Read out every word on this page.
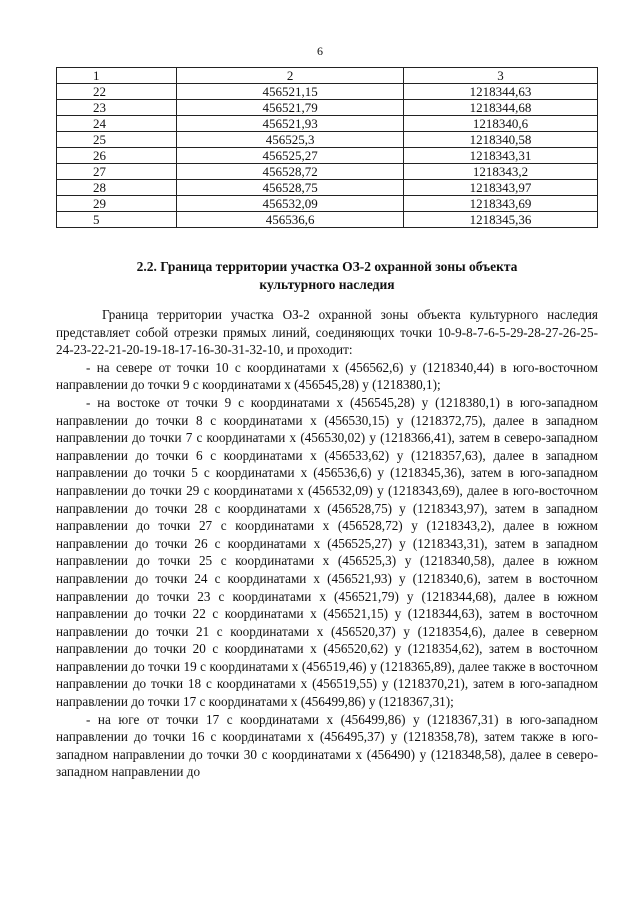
6
1	2	3
22	456521,15	1218344,63
23	456521,79	1218344,68
24	456521,93	1218340,6
25	456525,3	1218340,58
26	456525,27	1218343,31
27	456528,72	1218343,2
28	456528,75	1218343,97
29	456532,09	1218343,69
5	456536,6	1218345,36
2.2. Граница территории участка ОЗ-2 охранной зоны объекта
культурного наследия

Граница территории участка ОЗ-2 охранной зоны объекта культурного наследия представляет собой отрезки прямых линий, соединяющих точки 10-9-8-7-6-5-29-28-27-26-25-24-23-22-21-20-19-18-17-16-30-31-32-10, и проходит:

- на севере от точки 10 с координатами x (456562,6) y (1218340,44) в юго-восточном направлении до точки 9 с координатами x (456545,28) y (1218380,1);

- на востоке от точки 9 с координатами x (456545,28) y (1218380,1) в юго-западном направлении до точки 8 с координатами x (456530,15) y (1218372,75), далее в западном направлении до точки 7 с координатами x (456530,02) y (1218366,41), затем в северо-западном направлении до точки 6 с координатами x (456533,62) y (1218357,63), далее в западном направлении до точки 5 с координатами x (456536,6) y (1218345,36), затем в юго-западном направлении до точки 29 с координатами x (456532,09) y (1218343,69), далее в юго-восточном направлении до точки 28 с координатами x (456528,75) y (1218343,97), затем в западном направлении до точки 27 с координатами x (456528,72) y (1218343,2), далее в южном направлении до точки 26 с координатами x (456525,27) y (1218343,31), затем в западном направлении до точки 25 с координатами x (456525,3) y (1218340,58), далее в южном направлении до точки 24 с координатами x (456521,93) y (1218340,6), затем в восточном направлении до точки 23 с координатами x (456521,79) y (1218344,68), далее в южном направлении до точки 22 с координатами x (456521,15) y (1218344,63), затем в восточном направлении до точки 21 с координатами x (456520,37) y (1218354,6), далее в северном направлении до точки 20 с координатами x (456520,62) y (1218354,62), затем в восточном направлении до точки 19 с координатами x (456519,46) y (1218365,89), далее также в восточном направлении до точки 18 с координатами x (456519,55) y (1218370,21), затем в юго-западном направлении до точки 17 с координатами x (456499,86) y (1218367,31);

- на юге от точки 17 с координатами x (456499,86) y (1218367,31) в юго-западном направлении до точки 16 с координатами x (456495,37) y (1218358,78), затем также в юго-западном направлении до точки 30 с координатами x (456490) y (1218348,58), далее в северо-западном направлении до
